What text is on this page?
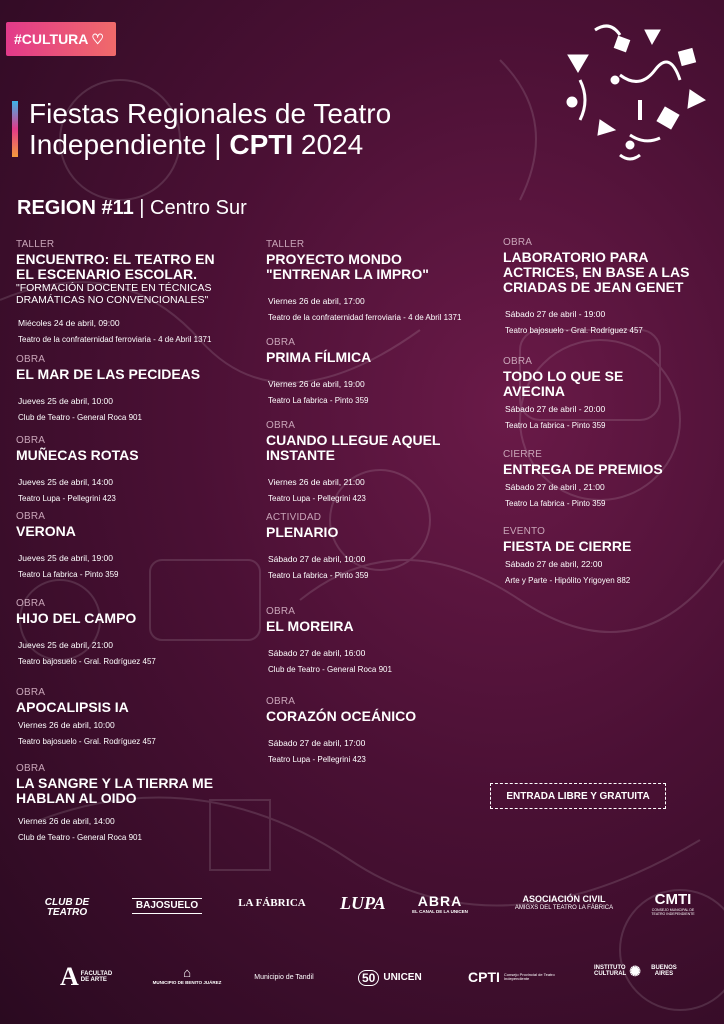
#CULTURA ♡
Fiestas Regionales de Teatro
Independiente | CPTI 2024
REGION #11 | Centro Sur
TALLER
ENCUENTRO: EL TEATRO EN EL ESCENARIO ESCOLAR.
"FORMACIÓN DOCENTE EN TÉCNICAS DRAMÁTICAS NO CONVENCIONALES"
Miécoles 24 de abril, 09:00
Teatro de la confraternidad ferroviaria - 4 de Abril 1371
OBRA
EL MAR DE LAS PECIDEAS
Jueves 25 de abril, 10:00
Club de Teatro - General Roca 901
OBRA
MUÑECAS ROTAS
Jueves 25 de abril, 14:00
Teatro Lupa - Pellegrini 423
OBRA
VERONA
Jueves 25 de abril, 19:00
Teatro La fabrica - Pinto 359
OBRA
HIJO DEL CAMPO
Jueves 25 de abril, 21:00
Teatro bajosuelo - Gral. Rodríguez 457
OBRA
APOCALIPSIS IA
Viernes 26 de abril, 10:00
Teatro bajosuelo - Gral. Rodríguez 457
OBRA
LA SANGRE Y LA TIERRA ME HABLAN AL OIDO
Viernes 26 de abril, 14:00
Club de Teatro - General Roca 901
TALLER
PROYECTO MONDO "ENTRENAR LA IMPRO"
Viernes 26 de abril, 17:00
Teatro de la confraternidad ferroviaria - 4 de Abril 1371
OBRA
PRIMA FÍLMICA
Viernes 26 de abril, 19:00
Teatro La fabrica - Pinto 359
OBRA
CUANDO LLEGUE AQUEL INSTANTE
Viernes 26 de abril, 21:00
Teatro Lupa - Pellegrini 423
ACTIVIDAD
PLENARIO
Sábado 27 de abril, 10:00
Teatro La fabrica - Pinto 359
OBRA
EL MOREIRA
Sábado 27 de abril, 16:00
Club de Teatro - General Roca 901
OBRA
CORAZÓN OCEÁNICO
Sábado 27 de abril, 17:00
Teatro Lupa - Pellegrini 423
OBRA
LABORATORIO PARA ACTRICES, EN BASE A LAS CRIADAS DE JEAN GENET
Sábado 27 de abril - 19:00
Teatro bajosuelo - Gral. Rodríguez 457
OBRA
TODO LO QUE SE AVECINA
Sábado 27 de abril - 20:00
Teatro La fabrica - Pinto 359
CIERRE
ENTREGA DE PREMIOS
Sábado 27 de abril , 21:00
Teatro La fabrica - Pinto 359
EVENTO
FIESTA DE CIERRE
Sábado 27 de abril, 22:00
Arte y Parte - Hipólito Yrigoyen 882
ENTRADA LIBRE Y GRATUITA
CLUB DE TEATRO
BAJOSUELO	LA FÁBRICA	LUPA	ABRA
EL CANAL DE LA UNICEN
ASOCIACIÓN CIVIL
AMIGXS DEL TEATRO LA FÁBRICA	CMTI
CONSEJO MUNICIPAL DE TEATRO INDEPENDIENTE
A FACULTAD DE ARTE	⌂
MUNICIPIO DE BENITO JUÁREZ
Municipio de Tandil	50 UNICEN	CPTI Consejo Provincial de Teatro Independiente
INSTITUTO CULTURAL ✺	BUENOS AIRES
